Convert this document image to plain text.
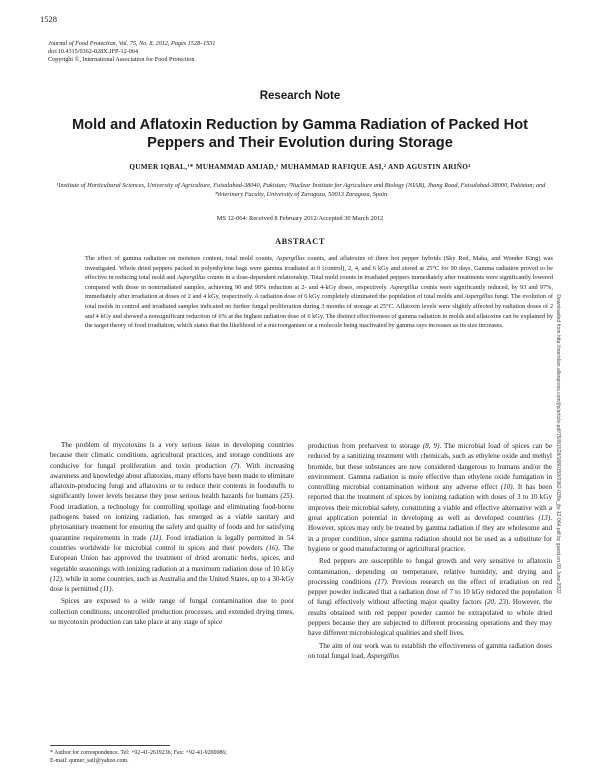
1528
Journal of Food Protection, Vol. 75, No. 8, 2012, Pages 1528–1531
doi:10.4315/0362-028X.JFP-12-064
Copyright ©, International Association for Food Protection
Research Note
Mold and Aflatoxin Reduction by Gamma Radiation of Packed Hot Peppers and Their Evolution during Storage
QUMER IQBAL,¹* MUHAMMAD AMJAD,¹ MUHAMMAD RAFIQUE ASI,² AND AGUSTIN ARIÑO³
¹Institute of Horticultural Sciences, University of Agriculture, Faisalabad-38040, Pakistan; ²Nuclear Institute for Agriculture and Biology (NIAB), Jhang Road, Faisalabad-38000, Pakistan; and ³Veterinary Faculty, University of Zaragoza, 50013 Zaragoza, Spain
MS 12-064: Received 8 February 2012/Accepted 30 March 2012
ABSTRACT
The effect of gamma radiation on moisture content, total mold counts, Aspergillus counts, and aflatoxins of three hot pepper hybrids (Sky Red, Maha, and Wonder King) was investigated. Whole dried peppers packed in polyethylene bags were gamma irradiated at 0 (control), 2, 4, and 6 kGy and stored at 25°C for 90 days. Gamma radiation proved to be effective in reducing total mold and Aspergillus counts in a dose-dependent relationship. Total mold counts in irradiated peppers immediately after treatments were significantly lowered compared with those in nonirradiated samples, achieving 90 and 99% reduction at 2- and 4-kGy doses, respectively. Aspergillus counts were significantly reduced, by 93 and 97%, immediately after irradiation at doses of 2 and 4 kGy, respectively. A radiation dose of 6 kGy completely eliminated the population of total molds and Aspergillus fungi. The evolution of total molds in control and irradiated samples indicated no further fungal proliferation during 3 months of storage at 25°C. Aflatoxin levels were slightly affected by radiation doses of 2 and 4 kGy and showed a nonsignificant reduction of 6% at the highest radiation dose of 6 kGy. The distinct effectiveness of gamma radiation in molds and aflatoxins can be explained by the target theory of food irradiation, which states that the likelihood of a microorganism or a molecule being inactivated by gamma rays increases as its size increases.

The problem of mycotoxins is a very serious issue in developing countries because their climatic conditions, agricultural practices, and storage conditions are conducive for fungal proliferation and toxin production (7). With increasing awareness and knowledge about aflatoxins, many efforts have been made to eliminate aflatoxin-producing fungi and aflatoxins or to reduce their contents in foodstuffs to significantly lower levels because they pose serious health hazards for humans (25). Food irradiation, a technology for controlling spoilage and eliminating food-borne pathogens based on ionizing radiation, has emerged as a viable sanitary and phytosanitary treatment for ensuring the safety and quality of foods and for satisfying quarantine requirements in trade (11). Food irradiation is legally permitted in 54 countries worldwide for microbial control in spices and their powders (16). The European Union has approved the treatment of dried aromatic herbs, spices, and vegetable seasonings with ionizing radiation at a maximum radiation dose of 10 kGy (12), while in some countries, such as Australia and the United States, up to a 30-kGy dose is permitted (11).

Spices are exposed to a wide range of fungal contamination due to poor collection conditions, uncontrolled production processes, and extended drying times, so mycotoxin production can take place at any stage of spice

production from preharvest to storage (8, 9). The microbial load of spices can be reduced by a sanitizing treatment with chemicals, such as ethylene oxide and methyl bromide, but these substances are now considered dangerous to humans and/or the environment. Gamma radiation is more effective than ethylene oxide fumigation in controlling microbial contamination without any adverse effect (10). It has been reported that the treatment of spices by ionizing radiation with doses of 3 to 10 kGy improves their microbial safety, constituting a viable and effective alternative with a great application potential in developing as well as developed countries (13). However, spices may only be treated by gamma radiation if they are wholesome and in a proper condition, since gamma radiation should not be used as a substitute for hygiene or good manufacturing or agricultural practice.

Red peppers are susceptible to fungal growth and very sensitive to aflatoxin contamination, depending on temperature, relative humidity, and drying and processing conditions (17). Previous research on the effect of irradiation on red pepper powder indicated that a radiation dose of 7 to 10 kGy reduced the population of fungi effectively without affecting major quality factors (20, 23). However, the results obtained with red pepper powder cannot be extrapolated to whole dried peppers because they are subjected to different processing operations and they may have different microbiological qualities and shelf lives.

The aim of our work was to establish the effectiveness of gamma radiation doses on total fungal load, Aspergillus

* Author for correspondence. Tel: +92-41-2619236; Fax: +92-41-9200086;
E-mail: qumer_saif@yahoo.com.
Downloaded from http://meridian.allenpress.com/jfp/article-pdf/75/8/1528/1680159/0362-028x_jfp-12-064.pdf by guest on 09 June 2022
